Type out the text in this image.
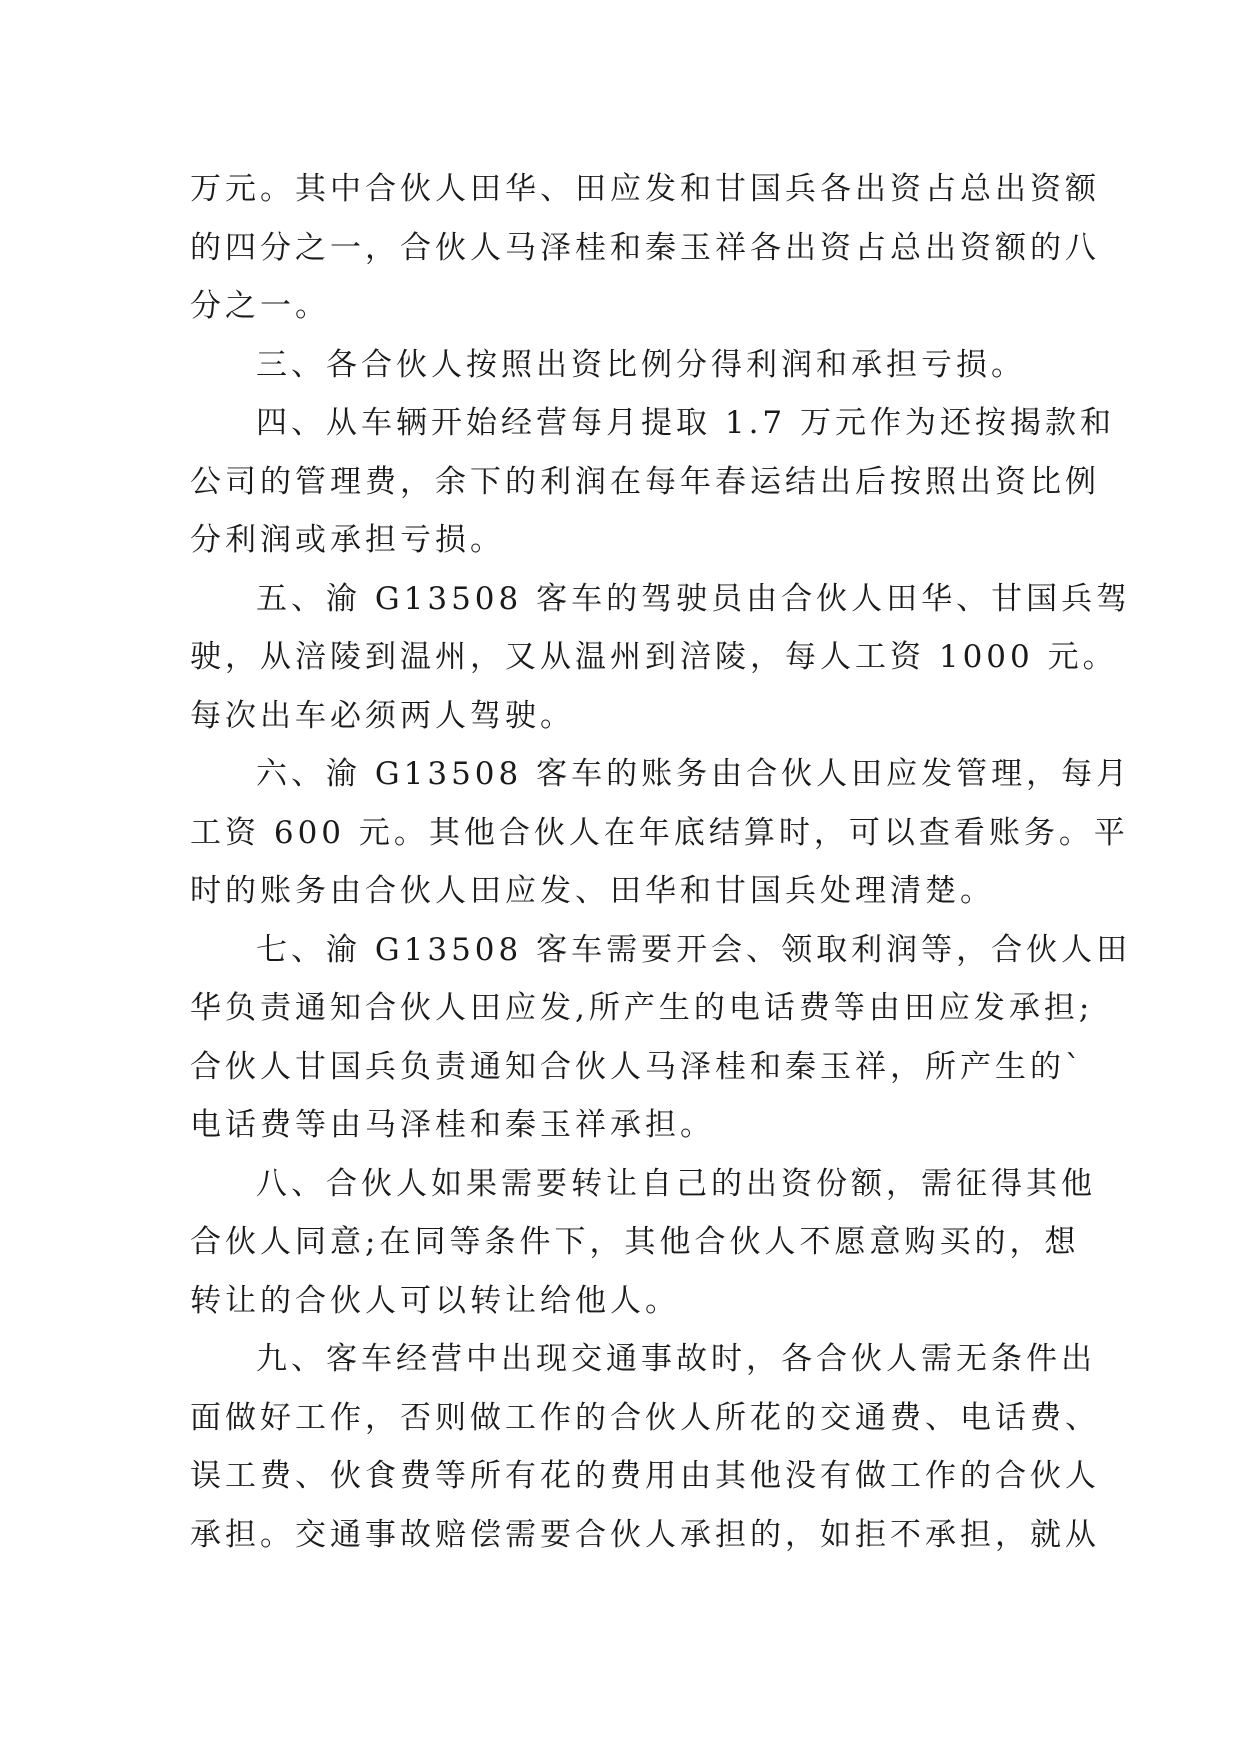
万元。其中合伙人田华、田应发和甘国兵各出资占总出资额
的四分之一，合伙人马泽桂和秦玉祥各出资占总出资额的八
分之一。
三、各合伙人按照出资比例分得利润和承担亏损。
四、从车辆开始经营每月提取 1.7 万元作为还按揭款和
公司的管理费，余下的利润在每年春运结出后按照出资比例
分利润或承担亏损。
五、渝 G13508 客车的驾驶员由合伙人田华、甘国兵驾
驶，从涪陵到温州，又从温州到涪陵，每人工资 1000 元。
每次出车必须两人驾驶。
六、渝 G13508 客车的账务由合伙人田应发管理，每月
工资 600 元。其他合伙人在年底结算时，可以查看账务。平
时的账务由合伙人田应发、田华和甘国兵处理清楚。
七、渝 G13508 客车需要开会、领取利润等，合伙人田
华负责通知合伙人田应发,所产生的电话费等由田应发承担;
合伙人甘国兵负责通知合伙人马泽桂和秦玉祥，所产生的`
电话费等由马泽桂和秦玉祥承担。
八、合伙人如果需要转让自己的出资份额，需征得其他
合伙人同意;在同等条件下，其他合伙人不愿意购买的，想
转让的合伙人可以转让给他人。
九、客车经营中出现交通事故时，各合伙人需无条件出
面做好工作，否则做工作的合伙人所花的交通费、电话费、
误工费、伙食费等所有花的费用由其他没有做工作的合伙人
承担。交通事故赔偿需要合伙人承担的，如拒不承担，就从
